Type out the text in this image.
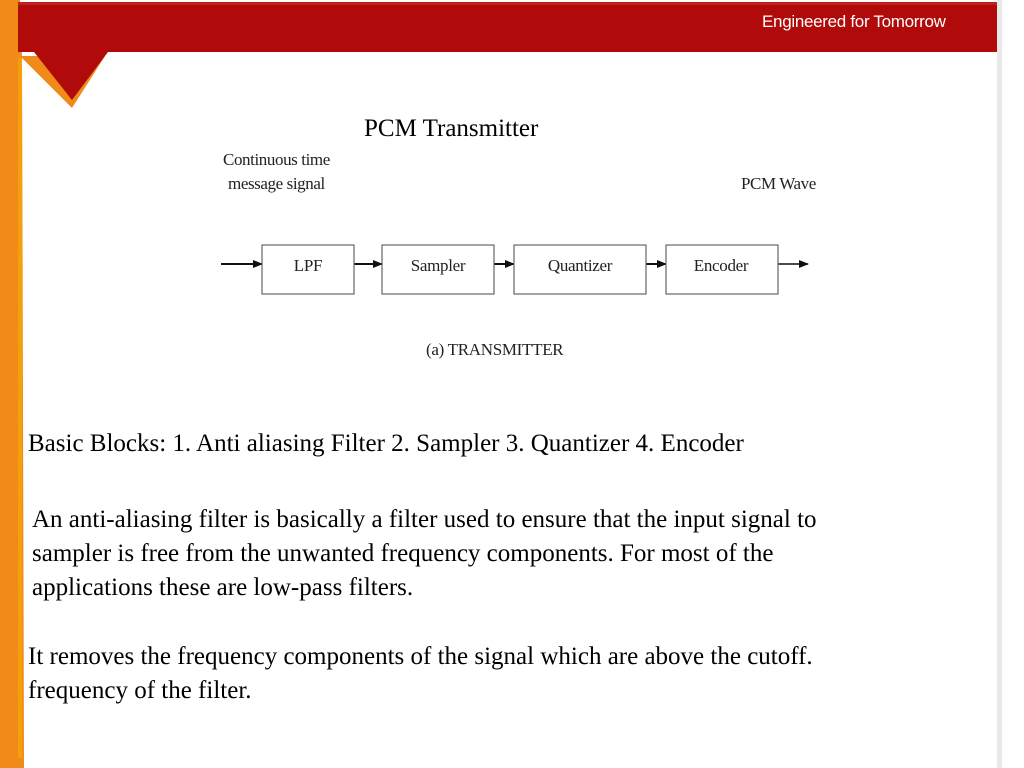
Engineered for Tomorrow
PCM Transmitter
Continuous time
message signal	PCM Wave
LPF	Sampler	Quantizer	Encoder
(a) TRANSMITTER
Basic Blocks: 1. Anti aliasing Filter 2. Sampler 3. Quantizer 4. Encoder
An anti-aliasing filter is basically a filter used to ensure that the input signal to
sampler is free from the unwanted frequency components. For most of the
applications these are low-pass filters.
It removes the frequency components of the signal which are above the cutoff.
frequency of the filter.
